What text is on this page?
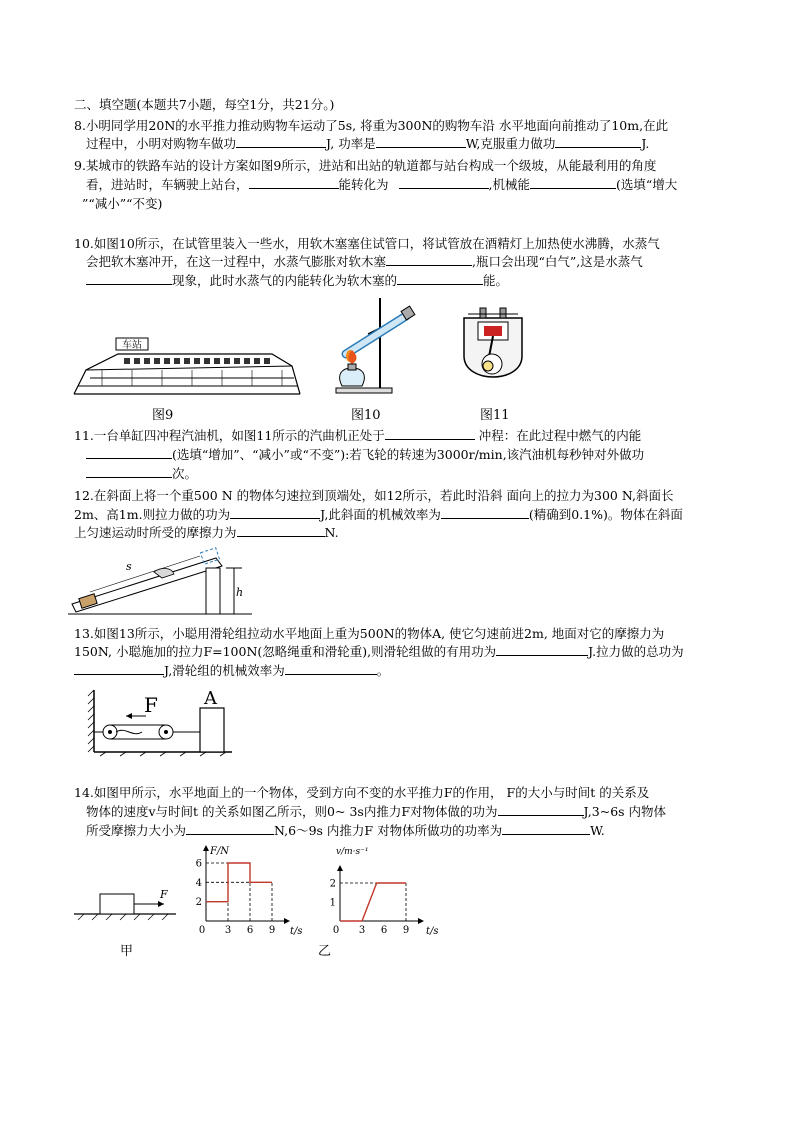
二、填空题(本题共7小题，每空1分，共21分。)
8.小明同学用20N的水平推力推动购物车运动了5s, 将重为300N的购物车沿 水平地面向前推动了10m,在此
过程中，小明对购物车做功	J, 功率是	W,克服重力做功	J.
9.某城市的铁路车站的设计方案如图9所示，进站和出站的轨道都与站台构成一个级坡，从能最利用的角度
看，进站时，车辆驶上站台，	能转化为	,机械能	(选填“增大
”“减小”“不变)
10.如图10所示，在试管里装入一些水，用软木塞塞住试管口，将试管放在酒精灯上加热使水沸腾，水蒸气
会把软木塞冲开，在这一过程中，水蒸气膨胀对软木塞	,瓶口会出现“白气”,这是水蒸气
现象，此时水蒸气的内能转化为软木塞的	能。
车站
图9	图10	图11
11.一台单缸四冲程汽油机，如图11所示的汽曲机正处于	冲程：在此过程中燃气的内能
(选填“增加”、“减小”或“不变”):若飞轮的转速为3000r/min,该汽油机每秒钟对外做功
次。
12.在斜面上将一个重500 N 的物体匀速拉到顶端处，如12所示，若此时沿斜 面向上的拉力为300 N,斜面长
2m、高1m.则拉力做的功为	J,此斜面的机械效率为	(精确到0.1%)。物体在斜面
上匀速运动时所受的摩擦力为	N.
s
h
13.如图13所示，小聪用滑轮组拉动水平地面上重为500N的物体A, 使它匀速前进2m, 地面对它的摩擦力为
150N, 小聪施加的拉力F=100N(忽略绳重和滑轮重),则滑轮组做的有用功为	J.拉力做的总功为
J,滑轮组的机械效率为	。
F	A
14.如图甲所示，水平地面上的一个物体，受到方向不变的水平推力F的作用， F的大小与时间t 的关系及
物体的速度v与时间t 的关系如图乙所示，则0~ 3s内推力F对物体做的功为	J,3~6s 内物体
所受摩擦力大小为	N,6～9s 内推力F 对物体所做功的功率为	W.
F
甲	乙
F/N
t/s
2
4
6
0 3 6 9
v/m·s⁻¹
t/s
1
2
0 3 6 9
